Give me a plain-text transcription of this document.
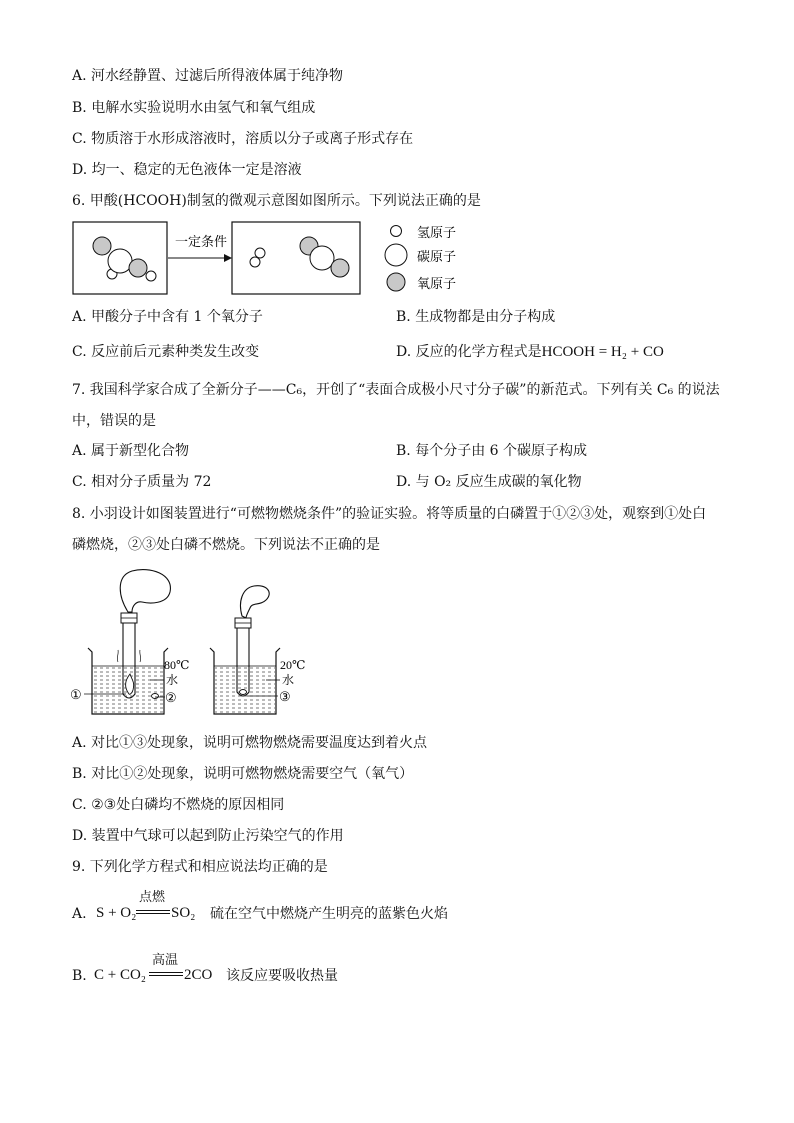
A. 河水经静置、过滤后所得液体属于纯净物
B. 电解水实验说明水由氢气和氧气组成
C. 物质溶于水形成溶液时，溶质以分子或离子形式存在
D. 均一、稳定的无色液体一定是溶液
6. 甲酸(HCOOH)制氢的微观示意图如图所示。下列说法正确的是
一定条件
氢原子
碳原子
氧原子
A. 甲酸分子中含有 1 个氧分子	B. 生成物都是由分子构成
C. 反应前后元素种类发生改变	D. 反应的化学方程式是HCOOH = H₂ + CO
7. 我国科学家合成了全新分子——C₆，开创了“表面合成极小尺寸分子碳”的新范式。下列有关 C₆ 的说法
中，错误的是
A. 属于新型化合物	B. 每个分子由 6 个碳原子构成
C. 相对分子质量为 72	D. 与 O₂ 反应生成碳的氧化物
8. 小羽设计如图装置进行“可燃物燃烧条件”的验证实验。将等质量的白磷置于①②③处，观察到①处白
磷燃烧，②③处白磷不燃烧。下列说法不正确的是
80℃
水
①	②
20℃
水
③
A. 对比①③处现象，说明可燃物燃烧需要温度达到着火点
B. 对比①②处现象，说明可燃物燃烧需要空气（氧气）
C. ②③处白磷均不燃烧的原因相同
D. 装置中气球可以起到防止污染空气的作用
9. 下列化学方程式和相应说法均正确的是
A. S + O₂
点燃
SO₂ 硫在空气中燃烧产生明亮的蓝紫色火焰
B. C + CO₂
高温
2CO 该反应要吸收热量
